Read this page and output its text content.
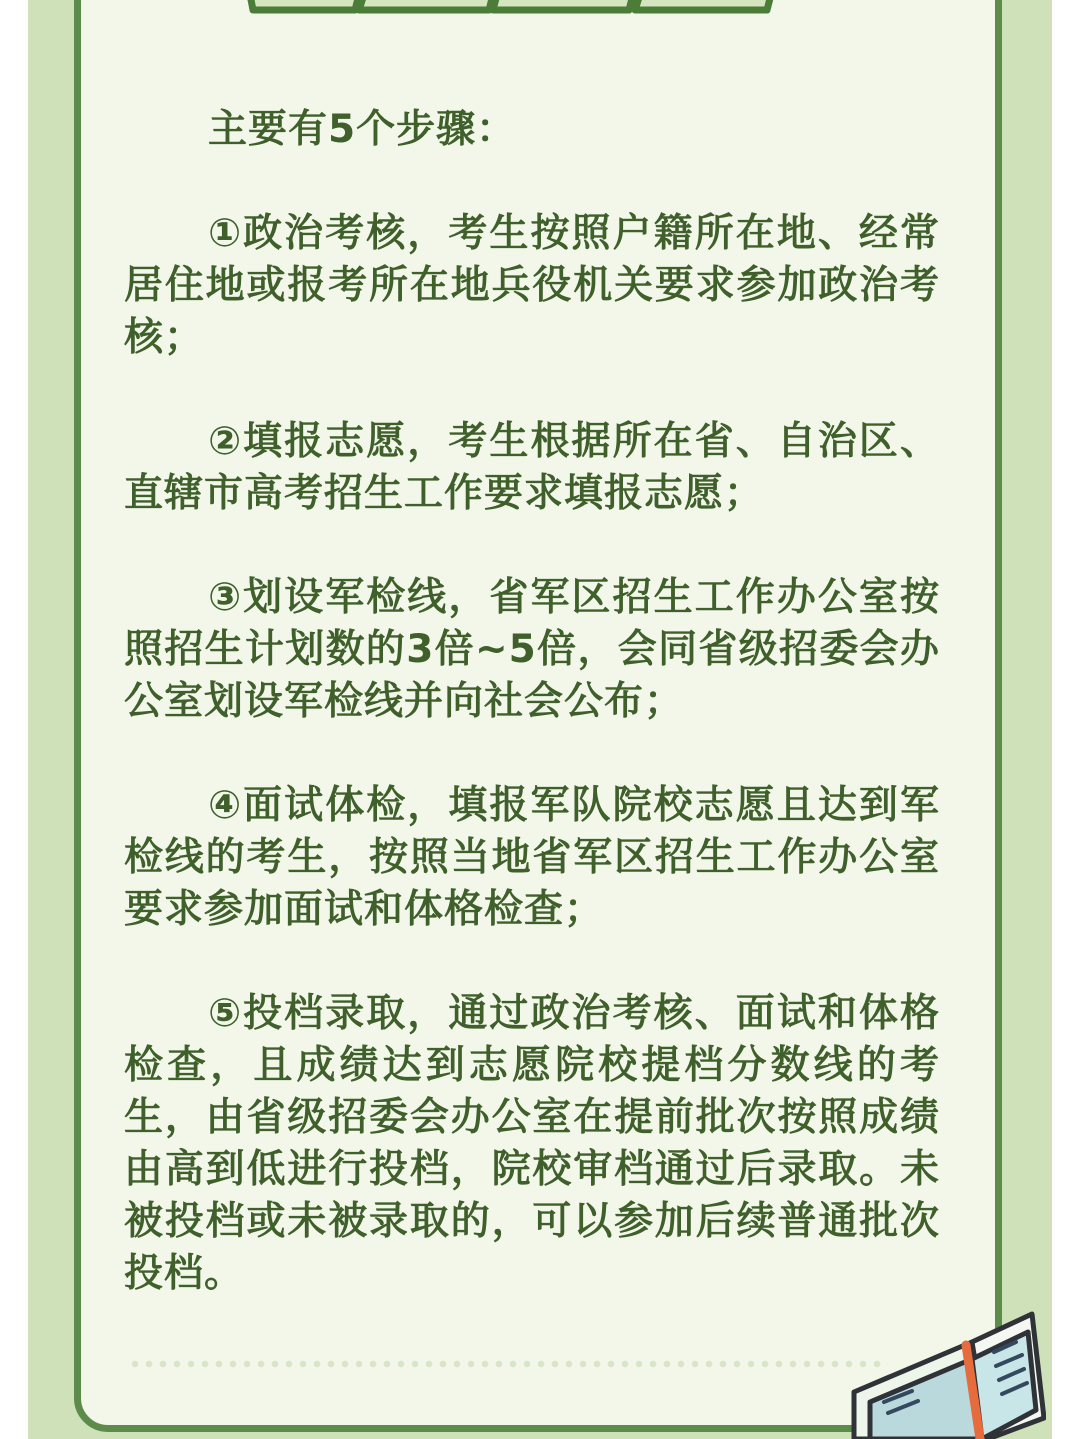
主要有5个步骤：

①政治考核，考生按照户籍所在地、经常居住地或报考所在地兵役机关要求参加政治考核；
②填报志愿，考生根据所在省、自治区、直辖市高考招生工作要求填报志愿；
③划设军检线，省军区招生工作办公室按照招生计划数的3倍~5倍，会同省级招委会办公室划设军检线并向社会公布；
④面试体检，填报军队院校志愿且达到军检线的考生，按照当地省军区招生工作办公室要求参加面试和体格检查；
⑤投档录取，通过政治考核、面试和体格检查，且成绩达到志愿院校提档分数线的考生，由省级招委会办公室在提前批次按照成绩由高到低进行投档，院校审档通过后录取。未被投档或未被录取的，可以参加后续普通批次投档。
